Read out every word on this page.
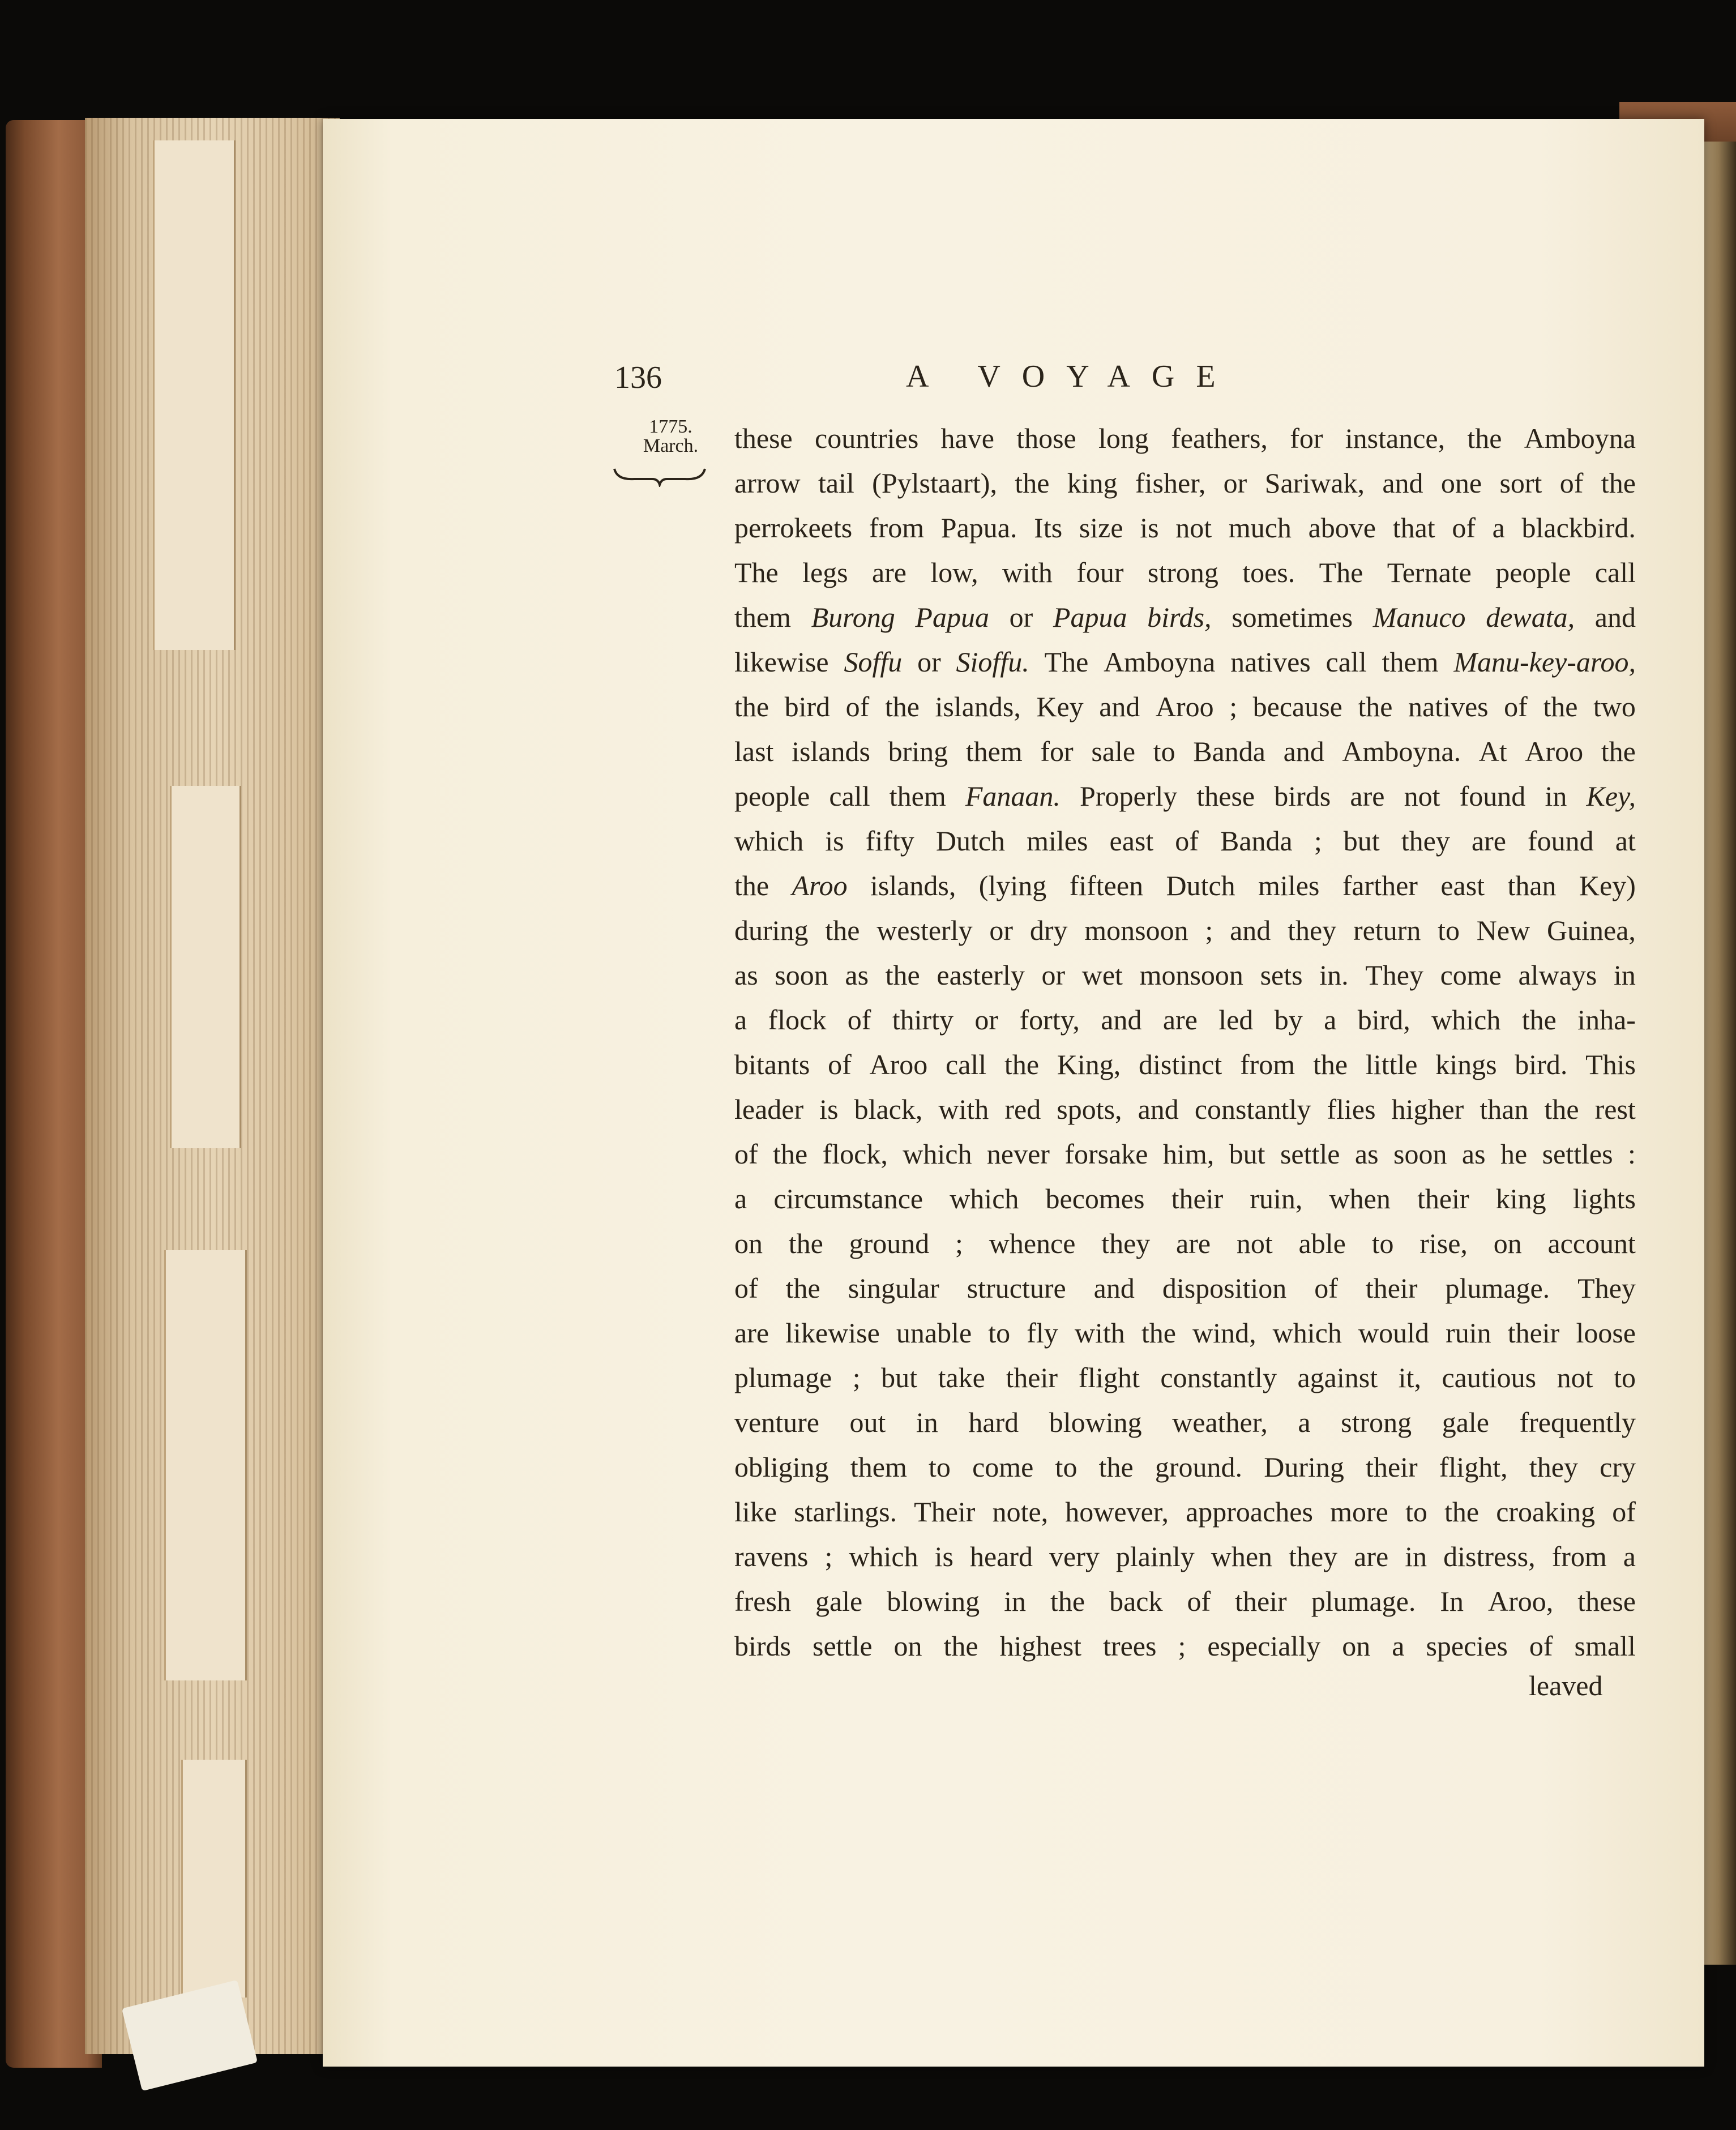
136	A VOYAGE
1775.
March.	these countries have those long feathers, for instance, the Amboyna
arrow tail (Pylstaart), the king fisher, or Sariwak, and one sort of the
perrokeets from Papua. Its size is not much above that of a blackbird.
The legs are low, with four strong toes. The Ternate people call
them Burong Papua or Papua birds, sometimes Manuco dewata, and
likewise Soffu or Sioffu. The Amboyna natives call them Manu-key-aroo,
the bird of the islands, Key and Aroo ; because the natives of the two
last islands bring them for sale to Banda and Amboyna. At Aroo the
people call them Fanaan. Properly these birds are not found in Key,
which is fifty Dutch miles east of Banda ; but they are found at
the Aroo islands, (lying fifteen Dutch miles farther east than Key)
during the westerly or dry monsoon ; and they return to New Guinea,
as soon as the easterly or wet monsoon sets in. They come always in
a flock of thirty or forty, and are led by a bird, which the inha-
bitants of Aroo call the King, distinct from the little kings bird. This
leader is black, with red spots, and constantly flies higher than the rest
of the flock, which never forsake him, but settle as soon as he settles :
a circumstance which becomes their ruin, when their king lights
on the ground ; whence they are not able to rise, on account
of the singular structure and disposition of their plumage. They
are likewise unable to fly with the wind, which would ruin their loose
plumage ; but take their flight constantly against it, cautious not to
venture out in hard blowing weather, a strong gale frequently
obliging them to come to the ground. During their flight, they cry
like starlings. Their note, however, approaches more to the croaking of
ravens ; which is heard very plainly when they are in distress, from a
fresh gale blowing in the back of their plumage. In Aroo, these
birds settle on the highest trees ; especially on a species of small
leaved
